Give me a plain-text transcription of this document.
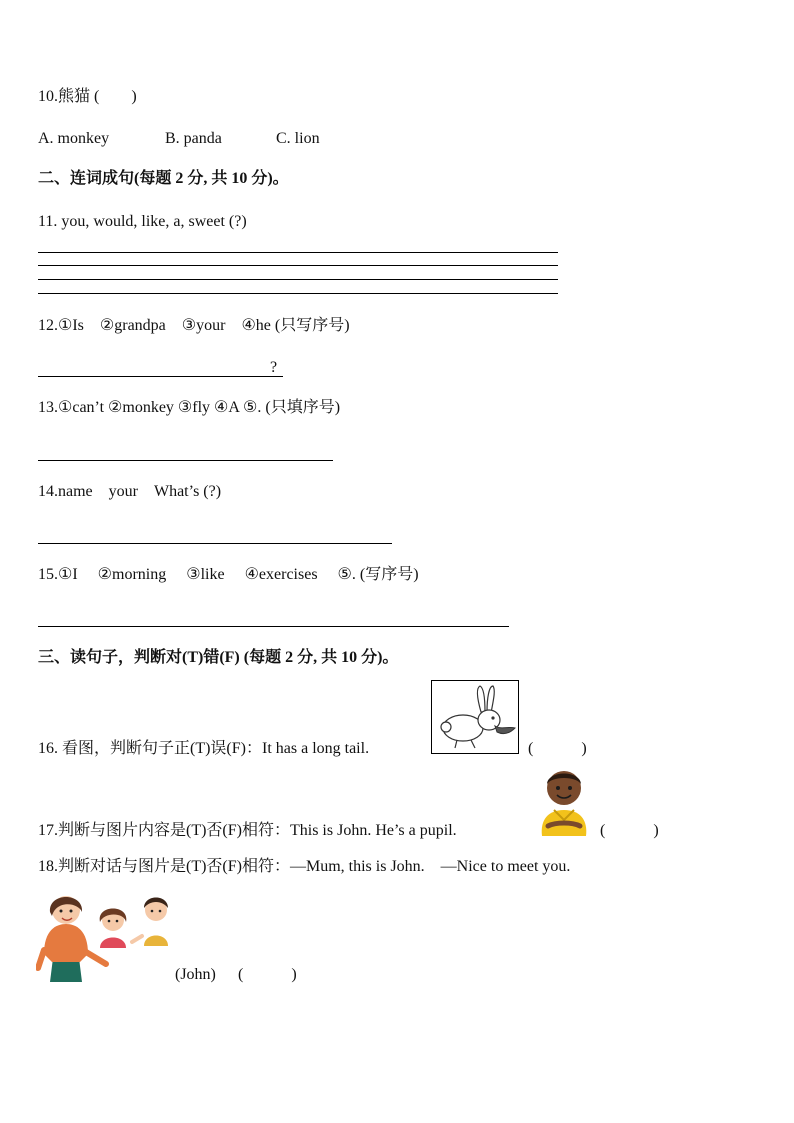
10.熊猫 (　　)
A. monkey	B. panda	C. lion
二、连词成句(每题 2 分, 共 10 分)。
11. you, would, like, a, sweet (?)
12.①Is　②grandpa　③your　④he (只写序号)
?
13.①can’t ②monkey ③fly ④A ⑤. (只填序号)
14.name　your　What’s (?)
15.①I　 ②morning　 ③like　 ④exercises　 ⑤. (写序号)
三、读句子，判断对(T)错(F) (每题 2 分, 共 10 分)。
16. 看图，判断句子正(T)误(F)：It has a long tail.	(　　　)
17.判断与图片内容是(T)否(F)相符：This is John. He’s a pupil.	(　　　)
18.判断对话与图片是(T)否(F)相符：—Mum, this is John.　—Nice to meet you.
(John) (　　　)
